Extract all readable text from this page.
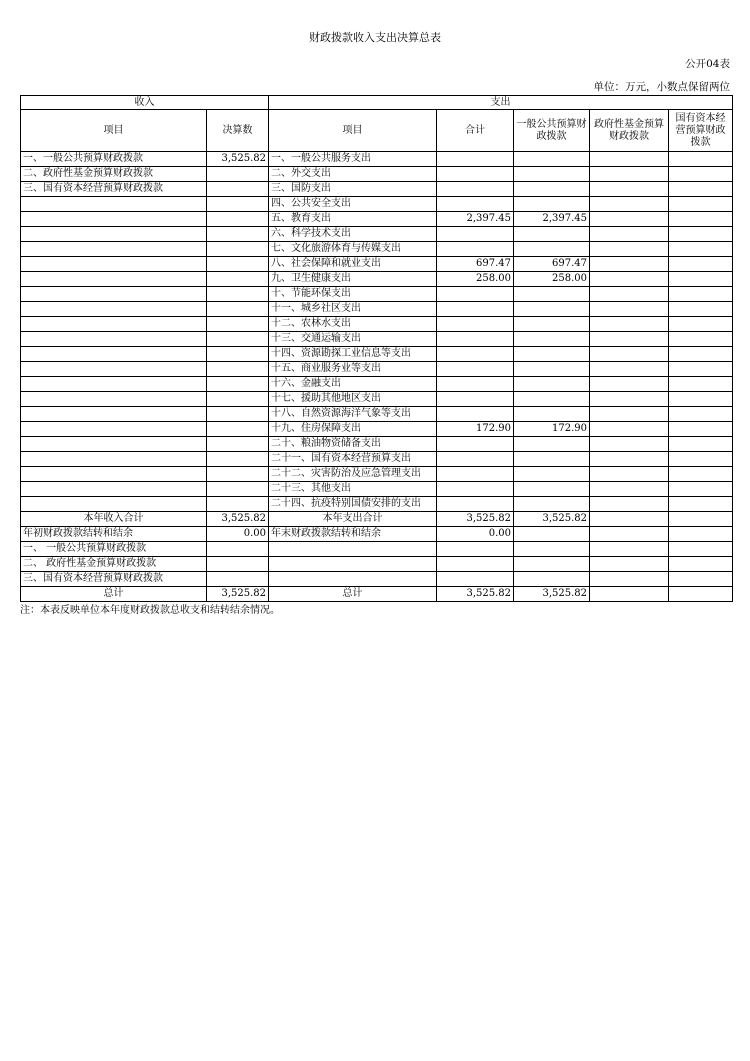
财政拨款收入支出决算总表
公开04表
单位：万元，小数点保留两位
收入		支出				
项目	决算数	项目	合计	一般公共预算财政拨款	政府性基金预算财政拨款	国有资本经营预算财政拨款
一、一般公共预算财政拨款	3,525.82	一、一般公共服务支出				
二、政府性基金预算财政拨款		二、外交支出				
三、国有资本经营预算财政拨款		三、国防支出				
		四、公共安全支出				
		五、教育支出	2,397.45	2,397.45		
		六、科学技术支出				
		七、文化旅游体育与传媒支出				
		八、社会保障和就业支出	697.47	697.47		
		九、卫生健康支出	258.00	258.00		
		十、节能环保支出				
		十一、城乡社区支出				
		十二、农林水支出				
		十三、交通运输支出				
		十四、资源勘探工业信息等支出				
		十五、商业服务业等支出				
		十六、金融支出				
		十七、援助其他地区支出				
		十八、自然资源海洋气象等支出				
		十九、住房保障支出	172.90	172.90		
		二十、粮油物资储备支出				
		二十一、国有资本经营预算支出				
		二十二、灾害防治及应急管理支出				
		二十三、其他支出				
		二十四、抗疫特别国债安排的支出				
本年收入合计	3,525.82	本年支出合计	3,525.82	3,525.82		
年初财政拨款结转和结余	0.00	年末财政拨款结转和结余	0.00			
一、 一般公共预算财政拨款						
二、 政府性基金预算财政拨款						
三、国有资本经营预算财政拨款						
总计	3,525.82	总计	3,525.82	3,525.82		
注：本表反映单位本年度财政拨款总收支和结转结余情况。
